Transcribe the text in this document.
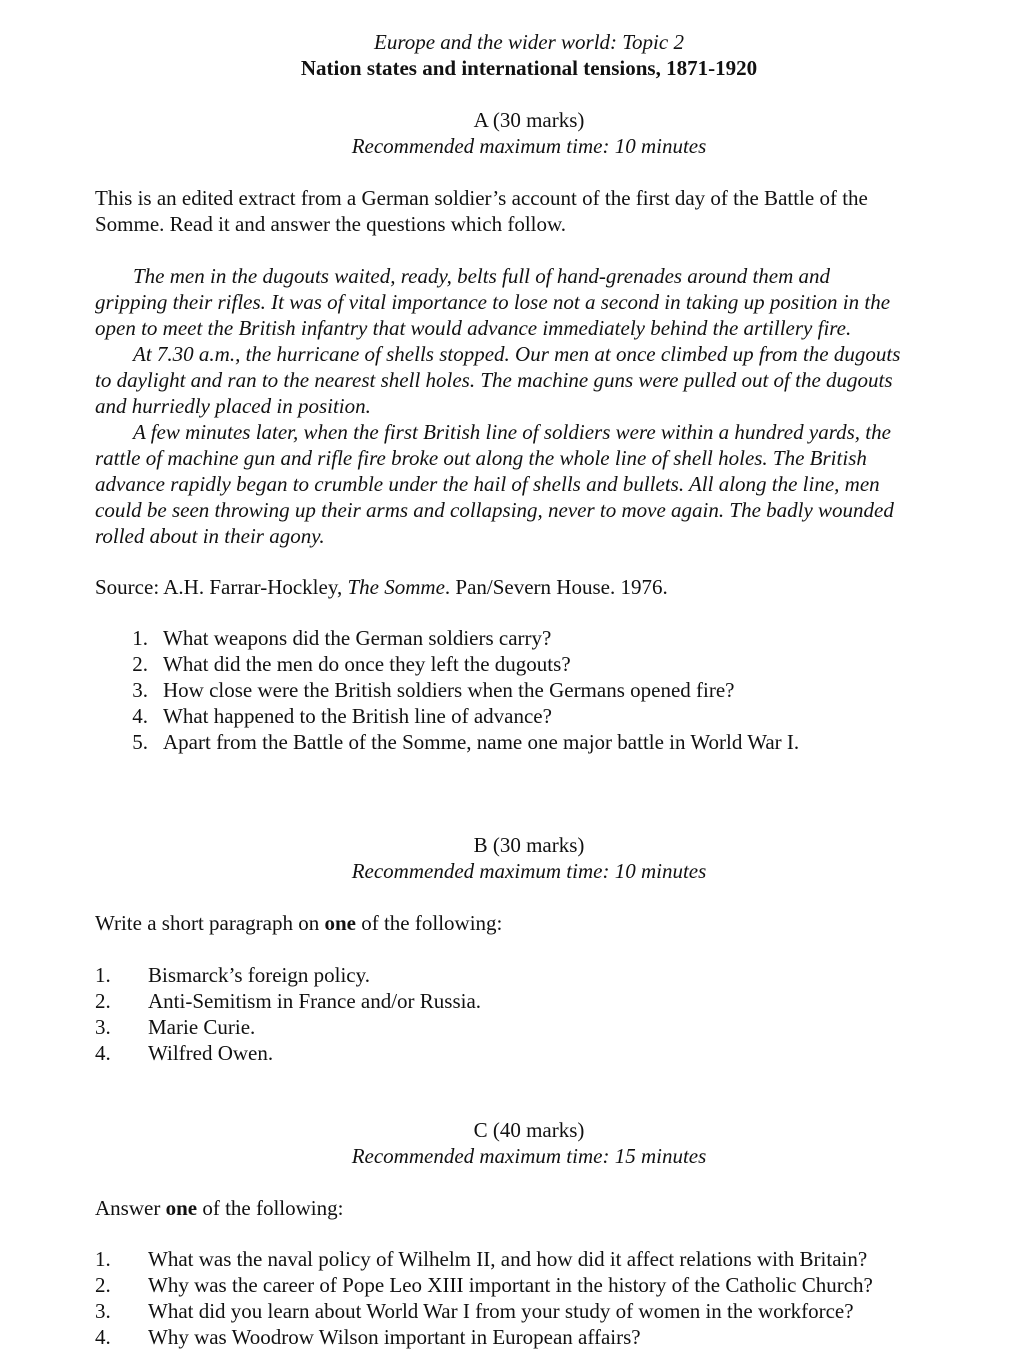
Europe and the wider world: Topic 2
Nation states and international tensions, 1871-1920
A (30 marks)
Recommended maximum time: 10 minutes
This is an edited extract from a German soldier’s account of the first day of the Battle of the
Somme. Read it and answer the questions which follow.
The men in the dugouts waited, ready, belts full of hand-grenades around them and
gripping their rifles. It was of vital importance to lose not a second in taking up position in the
open to meet the British infantry that would advance immediately behind the artillery fire.
At 7.30 a.m., the hurricane of shells stopped. Our men at once climbed up from the dugouts
to daylight and ran to the nearest shell holes. The machine guns were pulled out of the dugouts
and hurriedly placed in position.
A few minutes later, when the first British line of soldiers were within a hundred yards, the
rattle of machine gun and rifle fire broke out along the whole line of shell holes. The British
advance rapidly began to crumble under the hail of shells and bullets. All along the line, men
could be seen throwing up their arms and collapsing, never to move again. The badly wounded
rolled about in their agony.
Source: A.H. Farrar-Hockley, The Somme. Pan/Severn House. 1976.
1. What weapons did the German soldiers carry?
2. What did the men do once they left the dugouts?
3. How close were the British soldiers when the Germans opened fire?
4. What happened to the British line of advance?
5. Apart from the Battle of the Somme, name one major battle in World War I.
B (30 marks)
Recommended maximum time: 10 minutes
Write a short paragraph on one of the following:
1. Bismarck’s foreign policy.
2. Anti-Semitism in France and/or Russia.
3. Marie Curie.
4. Wilfred Owen.
C (40 marks)
Recommended maximum time: 15 minutes
Answer one of the following:
1. What was the naval policy of Wilhelm II, and how did it affect relations with Britain?
2. Why was the career of Pope Leo XIII important in the history of the Catholic Church?
3. What did you learn about World War I from your study of women in the workforce?
4. Why was Woodrow Wilson important in European affairs?
